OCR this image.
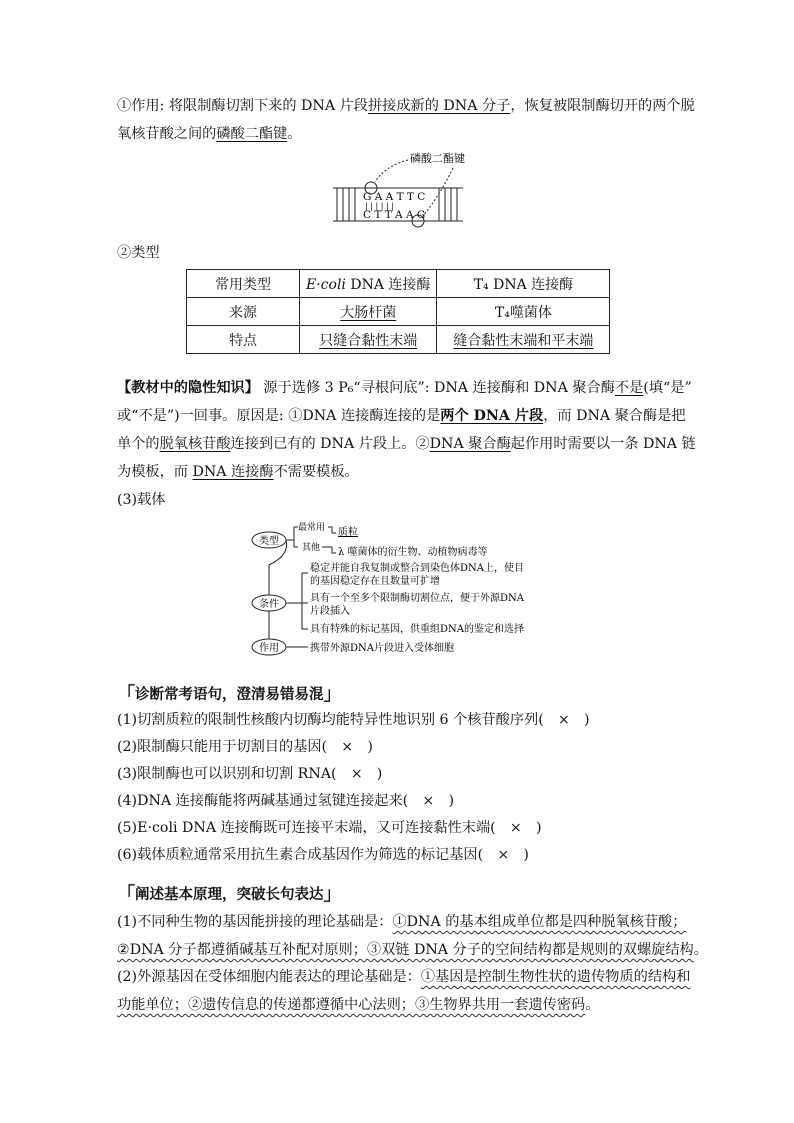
①作用: 将限制酶切割下来的 DNA 片段拼接成新的 DNA 分子，恢复被限制酶切开的两个脱
氧核苷酸之间的磷酸二酯键。
磷酸二酯键
G A A T T C
| | | | | |
C T T A A G
②类型
常用类型	E·coli DNA 连接酶	T₄ DNA 连接酶
来源	大肠杆菌	T₄噬菌体
特点	只缝合黏性末端	缝合黏性末端和平末端
【教材中的隐性知识】 源于选修 3 P₆“寻根问底”: DNA 连接酶和 DNA 聚合酶不是(填“是”
或“不是”)一回事。原因是: ①DNA 连接酶连接的是两个 DNA 片段，而 DNA 聚合酶是把
单个的脱氧核苷酸连接到已有的 DNA 片段上。②DNA 聚合酶起作用时需要以一条 DNA 链
为模板，而 DNA 连接酶不需要模板。
(3)载体
类型
条件
作用
最常用
其他
质粒
λ 噬菌体的衍生物、动植物病毒等
稳定并能自我复制或整合到染色体DNA上，使目
的基因稳定存在且数量可扩增
具有一个至多个限制酶切割位点，便于外源DNA
片段插入
具有特殊的标记基因，供重组DNA的鉴定和选择
携带外源DNA片段进入受体细胞
「诊断常考语句，澄清易错易混」
(1)切割质粒的限制性核酸内切酶均能特异性地识别 6 个核苷酸序列(　×　)
(2)限制酶只能用于切割目的基因(　×　)
(3)限制酶也可以识别和切割 RNA(　×　)
(4)DNA 连接酶能将两碱基通过氢键连接起来(　×　)
(5)E·coli DNA 连接酶既可连接平末端，又可连接黏性末端(　×　)
(6)载体质粒通常采用抗生素合成基因作为筛选的标记基因(　×　)
「阐述基本原理，突破长句表达」
(1)不同种生物的基因能拼接的理论基础是：①DNA 的基本组成单位都是四种脱氧核苷酸；
②DNA 分子都遵循碱基互补配对原则；③双链 DNA 分子的空间结构都是规则的双螺旋结构。
(2)外源基因在受体细胞内能表达的理论基础是：①基因是控制生物性状的遗传物质的结构和
功能单位；②遗传信息的传递都遵循中心法则；③生物界共用一套遗传密码。
